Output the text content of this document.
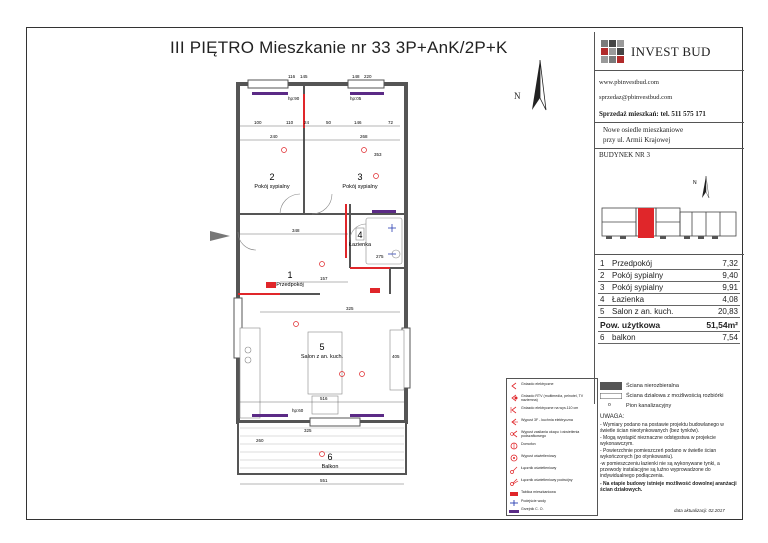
III PIĘTRO Mieszkanie nr 33 3P+AnK/2P+K
N
2
Pokój sypialny
3
Pokój sypialny
4
Łazienka
1
Przedpokój
5
Salon z an. kuch.
6
Balkon
100	110 24	50	146	72
240	268
348
157
325
516
551
405
hp:90	hp:05
hp:60
116 145	148 220
260
275
353
325
INVEST BUD
www.pbinvestbud.com
sprzedaz@pbinvestbud.com
Sprzedaż mieszkań: tel. 511 575 171
Nowe osiedle mieszkaniowe
przy ul. Armii Krajowej
BUDYNEK NR 3
N
1	Przedpokój	7,32
2	Pokój sypialny	9,40
3	Pokój sypialny	9,91
4	Łazienka	4,08
5	Salon z an. kuch.	20,83
Pow. użytkowa		51,54m²
6	balkon	7,54
Gniazdo elektryczne
Gniazdo RTV (multimedia, pelnotel, TV naziemna)
Gniazdo elektryczne na wys.110 cm
Wypust 3F - kuchnia elektryczna
Wypust zasilania okapu i oświetlenia podszafkowego
Domofon
Wypust oświetleniowy
Łącznik oświetleniowy
Łącznik oświetleniowy podwójny
Tablica mieszkaniowa
Podejście wody
Grzejnik C. O.
Ściana nierozbieralna
Ściana działowa z możliwością rozbiórki
o	Pion kanalizacyjny
UWAGA:
- Wymiary podano na postawie projektu budowlanego w świetle ścian nieotynkowanych (bez tynków).
- Mogą wystąpić nieznaczne odstępstwa w projekcie wykonawczym.
- Powierzchnie pomieszczeń podano w świetle ścian wykończonych (po otynkowaniu).
-w pomieszczeniu łazienki nie są wykonywane tynki, a przewody instalacyjne są luźno wyprowadzone do indywidualnego podłączenia.
- Na etapie budowy istnieje możliwość dowolnej aranżacji ścian działowych.
data aktualizacji: 02.2017
